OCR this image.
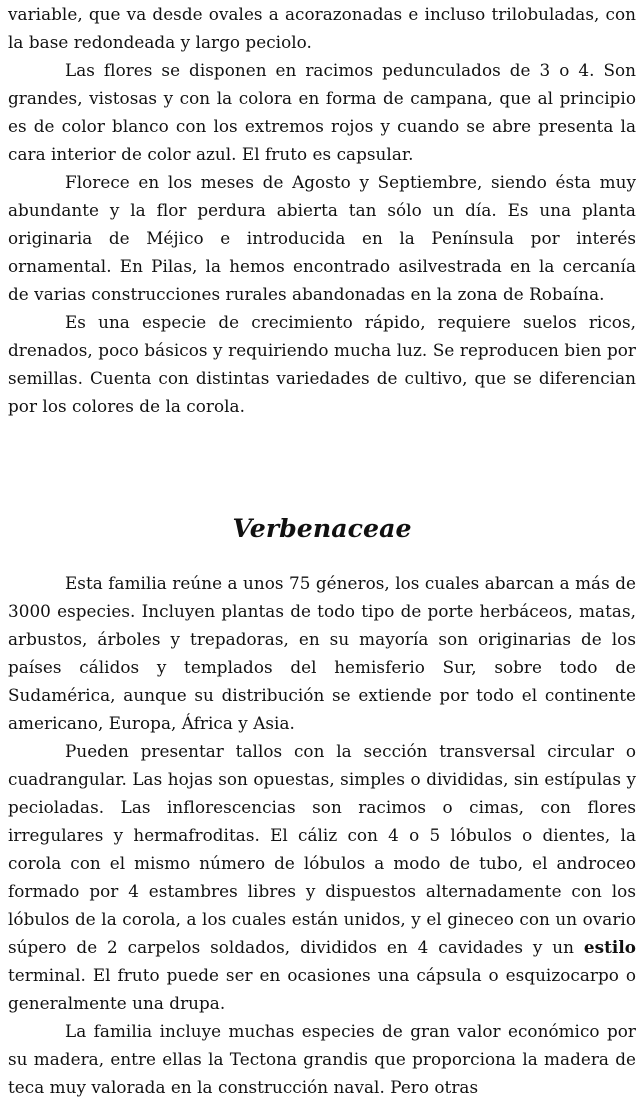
variable, que va desde ovales a acorazonadas e incluso trilobuladas, con la base redondeada y largo peciolo.

Las flores se disponen en racimos pedunculados de 3 o 4. Son grandes, vistosas y con la colora en forma de campana, que al principio es de color blanco con los extremos rojos y cuando se abre presenta la cara interior de color azul. El fruto es capsular.

Florece en los meses de Agosto y Septiembre, siendo ésta muy abundante y la flor perdura abierta tan sólo un día. Es una planta originaria de Méjico e introducida en la Península por interés ornamental. En Pilas, la hemos encontrado asilvestrada en la cercanía de varias construcciones rurales abandonadas en la zona de Robaína.

Es una especie de crecimiento rápido, requiere suelos ricos, drenados, poco básicos y requiriendo mucha luz. Se reproducen bien por semillas. Cuenta con distintas variedades de cultivo, que se diferencian por los colores de la corola.

Verbenaceae

Esta familia reúne a unos 75 géneros, los cuales abarcan a más de 3000 especies. Incluyen plantas de todo tipo de porte herbáceos, matas, arbustos, árboles y trepadoras, en su mayoría son originarias de los países cálidos y templados del hemisferio Sur, sobre todo de Sudamérica, aunque su distribución se extiende por todo el continente americano, Europa, África y Asia.

Pueden presentar tallos con la sección transversal circular o cuadrangular. Las hojas son opuestas, simples o divididas, sin estípulas y pecioladas. Las inflorescencias son racimos o cimas, con flores irregulares y hermafroditas. El cáliz con 4 o 5 lóbulos o dientes, la corola con el mismo número de lóbulos a modo de tubo, el androceo formado por 4 estambres libres y dispuestos alternadamente con los lóbulos de la corola, a los cuales están unidos, y el gineceo con un ovario súpero de 2 carpelos soldados, divididos en 4 cavidades y un estilo terminal. El fruto puede ser en ocasiones una cápsula o esquizocarpo o generalmente una drupa.

La familia incluye muchas especies de gran valor económico por su madera, entre ellas la Tectona grandis que proporciona la madera de teca muy valorada en la construcción naval. Pero otras
